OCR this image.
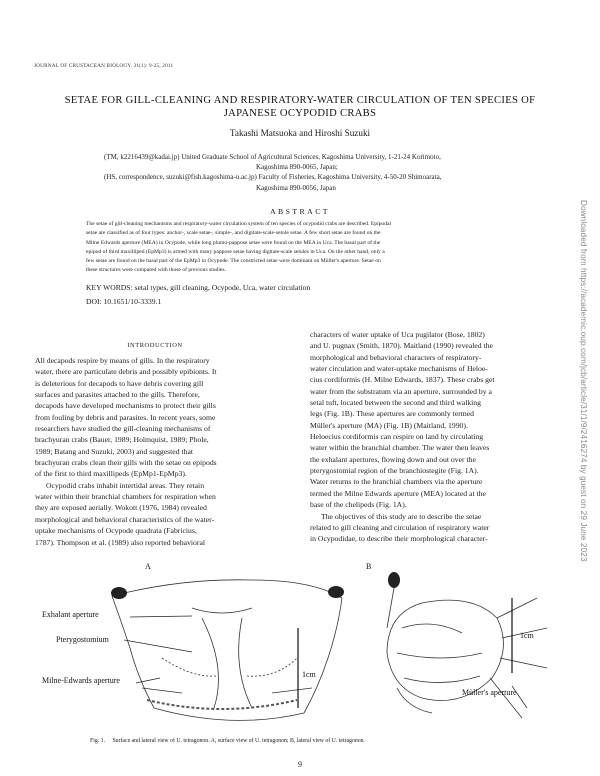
JOURNAL OF CRUSTACEAN BIOLOGY, 31(1): 9-25, 2011
SETAE FOR GILL-CLEANING AND RESPIRATORY-WATER CIRCULATION OF TEN SPECIES OF
JAPANESE OCYPODID CRABS
Takashi Matsuoka and Hiroshi Suzuki
(TM, k2216439@kadai.jp) United Graduate School of Agricultural Sciences, Kagoshima University, 1-21-24 Korimoto,
Kagoshima 890-0065, Japan;
(HS, correspondence, suzuki@fish.kagoshima-u.ac.jp) Faculty of Fisheries, Kagoshima University, 4-50-20 Shimoarata,
Kagoshima 890-0056, Japan
ABSTRACT
The setae of gill-cleaning mechanisms and respiratory-water circulation system of ten species of ocypodid crabs are described. Epipodal
setae are classified as of four types: anchor-, scale setae-, simple-, and digitate-scale-setule setae. A few short setae are found on the
Milne Edwards aperture (MEA) in Ocypode, while long plumo-pappose setae were found on the MEA in Uca. The basal part of the
epipod of third maxilliped (EpMp3) is armed with many pappose setae having digitate-scale setules in Uca. On the other hand, only a
few setae are found on the basal part of the EpMp3 in Ocypode. The constricted setae were dominant on Müller's aperture. Setae on
these structures were compared with those of previous studies.
KEY WORDS: setal types, gill cleaning, Ocypode, Uca, water circulation
DOI: 10.1651/10-3339.1
INTRODUCTION
All decapods respire by means of gills. In the respiratory
water, there are particulate debris and possibly epibionts. It
is deleterious for decapods to have debris covering gill
surfaces and parasites attached to the gills. Therefore,
decapods have developed mechanisms to protect their gills
from fouling by debris and parasites. In recent years, some
researchers have studied the gill-cleaning mechanisms of
brachyuran crabs (Bauer, 1989; Holmquist, 1989; Phole,
1989; Batang and Suzuki, 2003) and suggested that
brachyuran crabs clean their gills with the setae on epipods
of the first to third maxillipeds (EpMp1-EpMp3).
Ocypodid crabs inhabit intertidal areas. They retain
water within their branchial chambers for respiration when
they are exposed aerially. Wokott (1976, 1984) revealed
morphological and behavioral characteristics of the water-
uptake mechanisms of Ocypode quadrata (Fabricius,
1787). Thompson et al. (1989) also reported behavioral
characters of water uptake of Uca pugilator (Bose, 1802)
and U. pugnax (Smith, 1870). Maitland (1990) revealed the
morphological and behavioral characters of respiratory-
water circulation and water-uptake mechanisms of Heloe-
cius cordiformis (H. Milne Edwards, 1837). These crabs get
water from the substratum via an aperture, surrounded by a
setal tuft, located between the second and third walking
legs (Fig. 1B). These apertures are commonly termed
Müller's aperture (MA) (Fig. 1B) (Maitland, 1990).
Heloecius cordiformis can respire on land by circulating
water within the branchial chamber. The water then leaves
the exhalant apertures, flowing down and out over the
pterygostomial region of the branchiostegite (Fig. 1A).
Water returns to the branchial chambers via the aperture
termed the Milne Edwards aperture (MEA) located at the
base of the chelipeds (Fig. 1A).
The objectives of this study are to describe the setae
related to gill cleaning and circulation of respiratory water
in Ocypodidae, to describe their morphological character-
A	B
Exhalant aperture
Pterygostomium
Milne-Edwards aperture
1cm
1cm
Müller's aperture
Fig. 1. Surface and lateral view of U. tetragonon. A, surface view of U. tetragonon; B, lateral view of U. tetragonon.
9
Downloaded from https://academic.oup.com/jcb/article/31/1/9/2416274 by guest on 29 June 2023
